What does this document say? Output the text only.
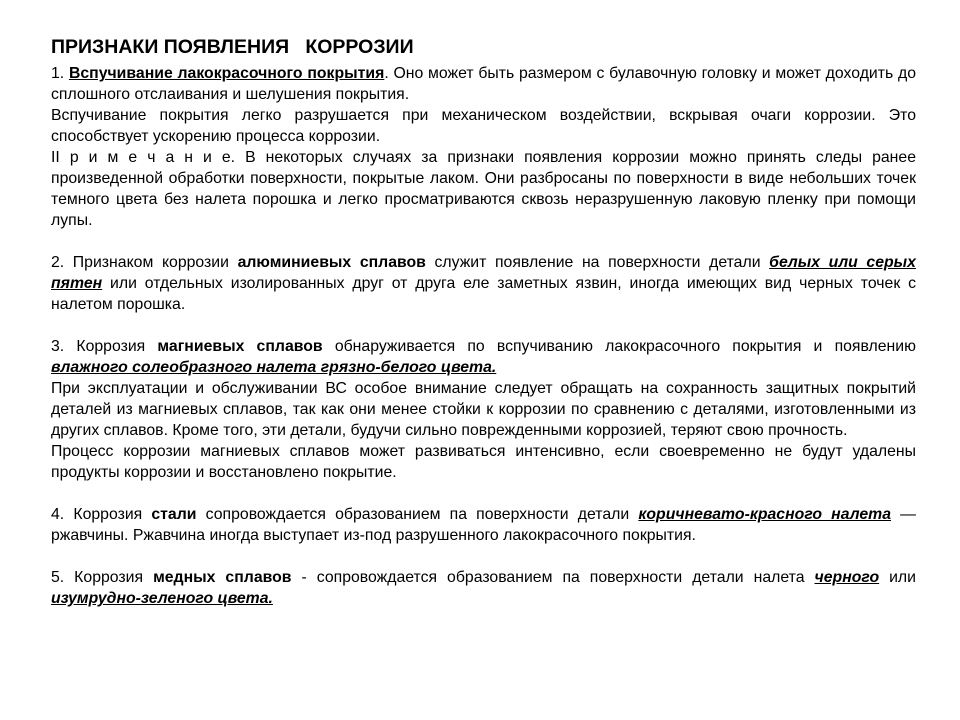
ПРИЗНАКИ ПОЯВЛЕНИЯ   КОРРОЗИИ

1. Вспучивание лакокрасочного покрытия. Оно может быть размером с булавочную головку и может доходить до сплошного отслаивания и шелушения покрытия.

Вспучивание покрытия легко разрушается при механическом воздействии, вскрывая очаги коррозии. Это способствует ускорению процесса коррозии.

II р и м е ч а н и е. В некоторых случаях за признаки появления коррозии можно принять следы ранее произведенной обработки поверхности, покрытые лаком. Они разбросаны по поверхности в виде небольших точек темного цвета без налета порошка и легко просматриваются сквозь неразрушенную лаковую пленку при помощи лупы.

2. Признаком коррозии алюминиевых сплавов служит появление на поверхности детали белых или серых пятен или отдельных изолированных друг от друга еле заметных язвин, иногда имеющих вид черных точек с налетом порошка.

3. Коррозия магниевых сплавов обнаруживается по вспучиванию лакокрасочного покрытия и появлению влажного солеобразного налета грязно-белого цвета.

При эксплуатации и обслуживании ВС особое внимание следует обращать на сохранность защитных покрытий деталей из магниевых сплавов, так как они менее стойки к коррозии по сравнению с деталями, изготовленными из других сплавов. Кроме того, эти детали, будучи сильно поврежденными коррозией, теряют свою прочность.

Процесс коррозии магниевых сплавов может развиваться интенсивно, если своевременно не будут удалены продукты коррозии и восстановлено покрытие.

4. Коррозия стали сопровождается образованием па поверхности детали коричневато-красного налета — ржавчины. Ржавчина иногда выступает из-под разрушенного лакокрасочного покрытия.

5. Коррозия медных сплавов - сопровождается образованием па поверхности детали налета черного или изумрудно-зеленого цвета.
